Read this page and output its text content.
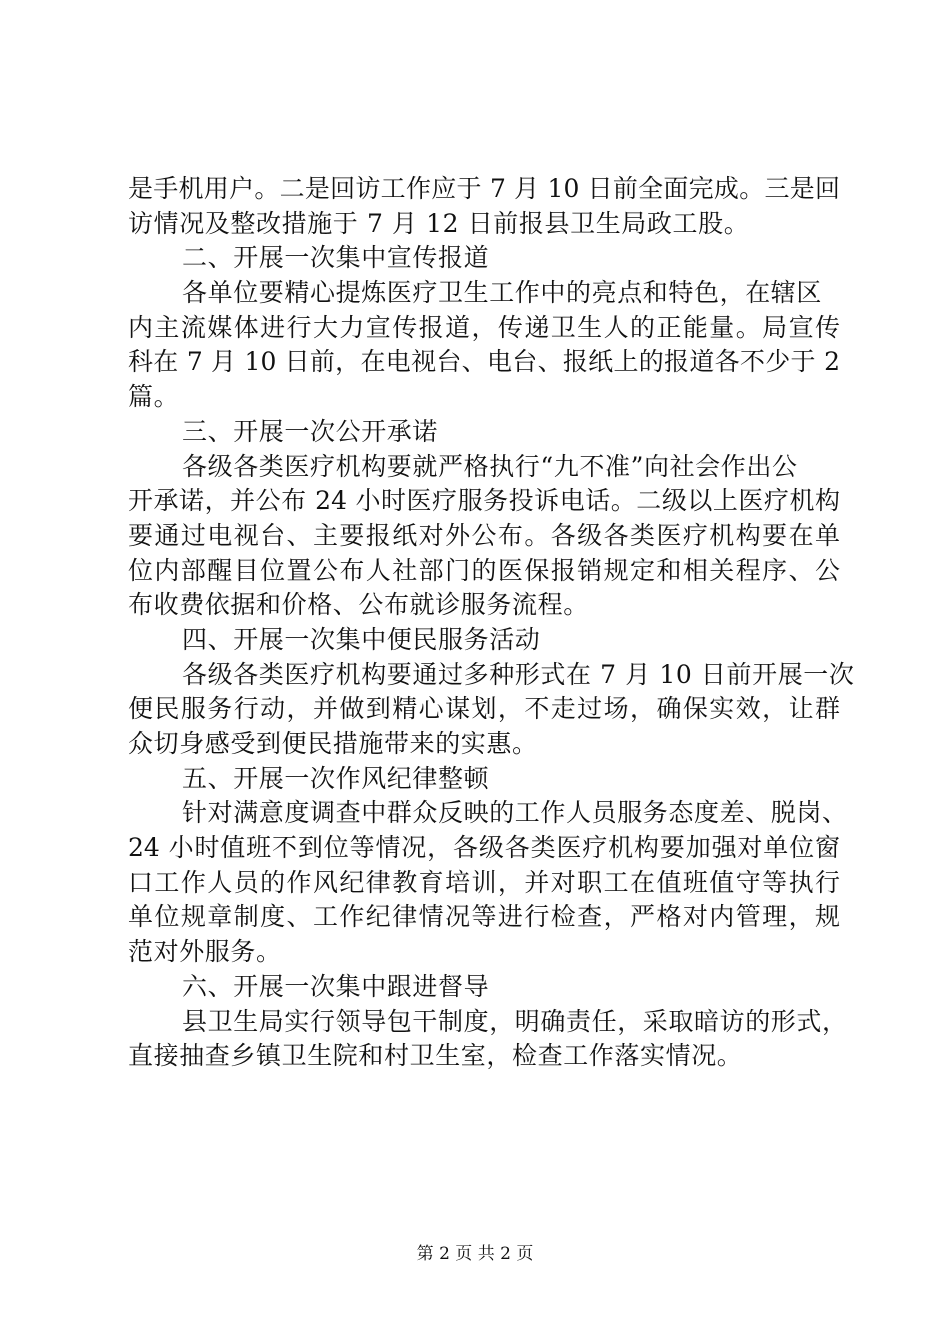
是手机用户。二是回访工作应于 7 月 10 日前全面完成。三是回
访情况及整改措施于 7 月 12 日前报县卫生局政工股。
二、开展一次集中宣传报道
各单位要精心提炼医疗卫生工作中的亮点和特色，在辖区
内主流媒体进行大力宣传报道，传递卫生人的正能量。局宣传
科在 7 月 10 日前，在电视台、电台、报纸上的报道各不少于 2
篇。
三、开展一次公开承诺
各级各类医疗机构要就严格执行“九不准”向社会作出公
开承诺，并公布 24 小时医疗服务投诉电话。二级以上医疗机构
要通过电视台、主要报纸对外公布。各级各类医疗机构要在单
位内部醒目位置公布人社部门的医保报销规定和相关程序、公
布收费依据和价格、公布就诊服务流程。
四、开展一次集中便民服务活动
各级各类医疗机构要通过多种形式在 7 月 10 日前开展一次
便民服务行动，并做到精心谋划，不走过场，确保实效，让群
众切身感受到便民措施带来的实惠。
五、开展一次作风纪律整顿
针对满意度调查中群众反映的工作人员服务态度差、脱岗、
24 小时值班不到位等情况，各级各类医疗机构要加强对单位窗
口工作人员的作风纪律教育培训，并对职工在值班值守等执行
单位规章制度、工作纪律情况等进行检查，严格对内管理，规
范对外服务。
六、开展一次集中跟进督导
县卫生局实行领导包干制度，明确责任，采取暗访的形式，
直接抽查乡镇卫生院和村卫生室，检查工作落实情况。
第 2 页 共 2 页
